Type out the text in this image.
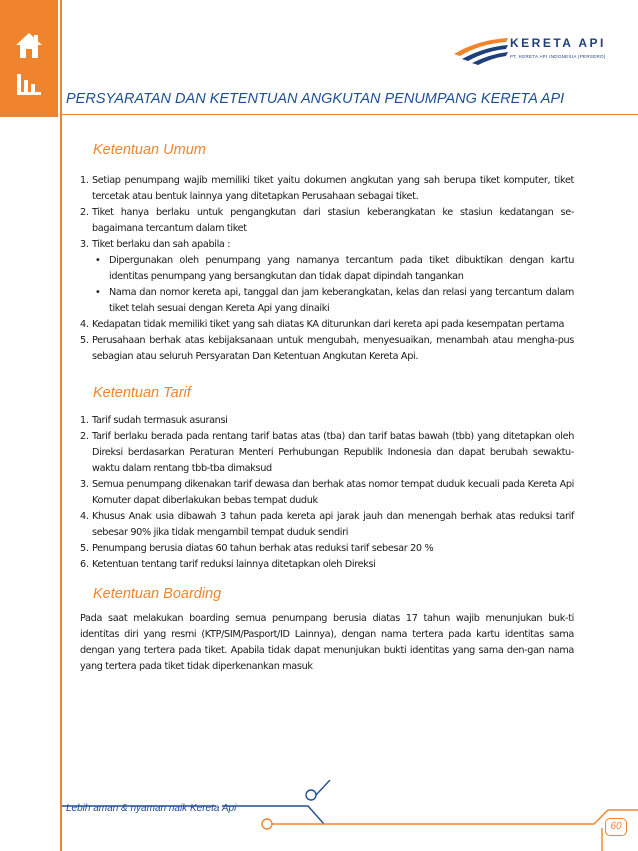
KERETA API
PT. KERETA API INDONESIA (PERSERO)
PERSYARATAN DAN KETENTUAN ANGKUTAN PENUMPANG KERETA API
Ketentuan Umum
1. Setiap penumpang wajib memiliki tiket yaitu dokumen angkutan yang sah berupa tiket komputer, tiket tercetak atau bentuk lainnya yang ditetapkan Perusahaan sebagai tiket.
2. Tiket hanya berlaku untuk pengangkutan dari stasiun keberangkatan ke stasiun kedatangan se-bagaimana tercantum dalam tiket
3. Tiket berlaku dan sah apabila :
• Dipergunakan oleh penumpang yang namanya tercantum pada tiket dibuktikan dengan kartu identitas penumpang yang bersangkutan dan tidak dapat dipindah tangankan
• Nama dan nomor kereta api, tanggal dan jam keberangkatan, kelas dan relasi yang tercantum dalam tiket telah sesuai dengan Kereta Api yang dinaiki
4. Kedapatan tidak memiliki tiket yang sah diatas KA diturunkan dari kereta api pada kesempatan pertama
5. Perusahaan berhak atas kebijaksanaan untuk mengubah, menyesuaikan, menambah atau mengha-pus sebagian atau seluruh Persyaratan Dan Ketentuan Angkutan Kereta Api.
Ketentuan Tarif
1. Tarif sudah termasuk asuransi
2. Tarif berlaku berada pada rentang tarif batas atas (tba) dan tarif batas bawah (tbb) yang ditetapkan oleh Direksi berdasarkan Peraturan Menteri Perhubungan Republik Indonesia dan dapat berubah sewaktu-waktu dalam rentang tbb-tba dimaksud
3. Semua penumpang dikenakan tarif dewasa dan berhak atas nomor tempat duduk kecuali pada Kereta Api Komuter dapat diberlakukan bebas tempat duduk
4. Khusus Anak usia dibawah 3 tahun pada kereta api jarak jauh dan menengah berhak atas reduksi tarif sebesar 90% jika tidak mengambil tempat duduk sendiri
5. Penumpang berusia diatas 60 tahun berhak atas reduksi tarif sebesar 20 %
6. Ketentuan tentang tarif reduksi lainnya ditetapkan oleh Direksi
Ketentuan Boarding
Pada saat melakukan boarding semua penumpang berusia diatas 17 tahun wajib menunjukan buk-ti identitas diri yang resmi (KTP/SIM/Pasport/ID Lainnya), dengan nama tertera pada kartu identitas sama dengan yang tertera pada tiket. Apabila tidak dapat menunjukan bukti identitas yang sama den-gan nama yang tertera pada tiket tidak diperkenankan masuk
Lebih aman & nyaman naik Kereta Api
60
